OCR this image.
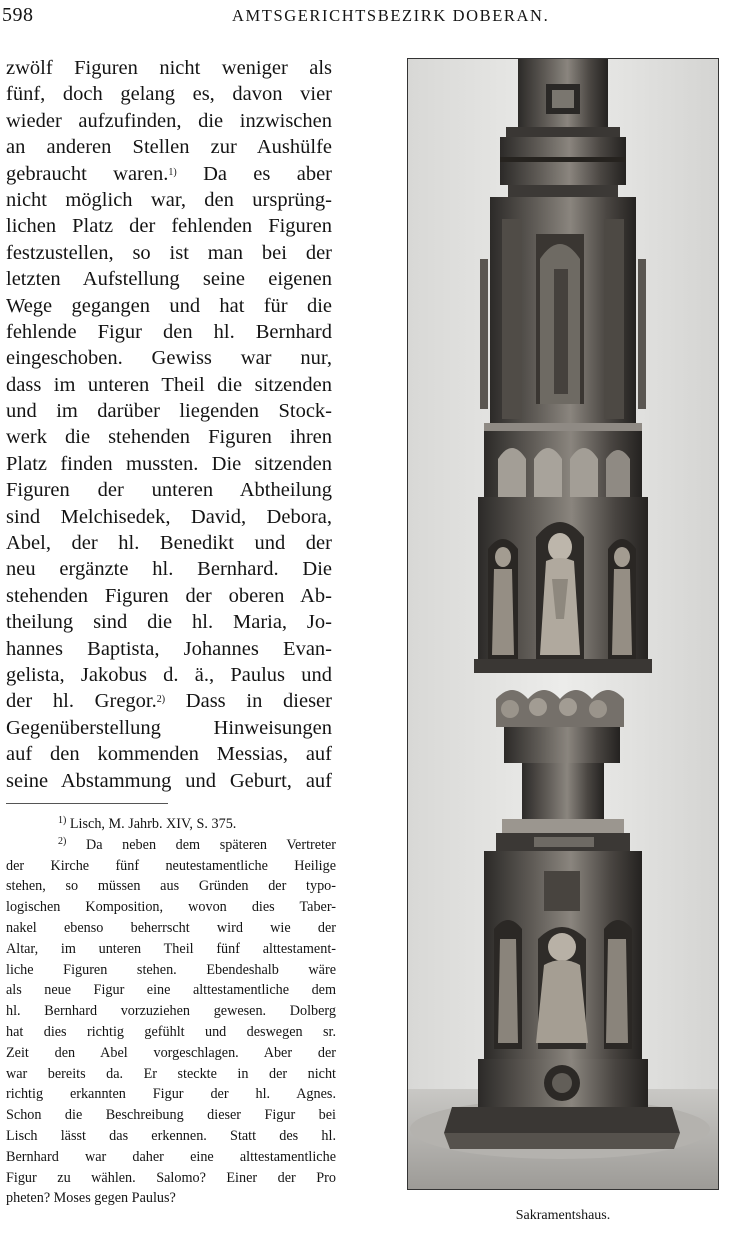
598	AMTSGERICHTSBEZIRK DOBERAN.
zwölf Figuren nicht weniger als
fünf, doch gelang es, davon vier
wieder aufzufinden, die inzwischen
an anderen Stellen zur Aushülfe
gebraucht waren.$^{1)}$ Da es aber
nicht möglich war, den ursprüng-
lichen Platz der fehlenden Figuren
festzustellen, so ist man bei der
letzten Aufstellung seine eigenen
Wege gegangen und hat für die
fehlende Figur den hl. Bernhard
eingeschoben. Gewiss war nur,
dass im unteren Theil die sitzenden
und im darüber liegenden Stock-
werk die stehenden Figuren ihren
Platz finden mussten. Die sitzenden
Figuren der unteren Abtheilung
sind Melchisedek, David, Debora,
Abel, der hl. Benedikt und der
neu ergänzte hl. Bernhard. Die
stehenden Figuren der oberen Ab-
theilung sind die hl. Maria, Jo-
hannes Baptista, Johannes Evan-
gelista, Jakobus d. ä., Paulus und
der hl. Gregor.$^{2)}$ Dass in dieser
Gegenüberstellung Hinweisungen
auf den kommenden Messias, auf
seine Abstammung und Geburt, auf
$^{1)}$ Lisch, M. Jahrb. XIV, S. 375.
$^{2)}$ Da neben dem späteren Vertreter
der Kirche fünf neutestamentliche Heilige
stehen, so müssen aus Gründen der typo-
logischen Komposition, wovon dies Taber-
nakel ebenso beherrscht wird wie der
Altar, im unteren Theil fünf alttestament-
liche Figuren stehen. Ebendeshalb wäre
als neue Figur eine alttestamentliche dem
hl. Bernhard vorzuziehen gewesen. Dolberg
hat dies richtig gefühlt und deswegen sr.
Zeit den Abel vorgeschlagen. Aber der
war bereits da. Er steckte in der nicht
richtig erkannten Figur der hl. Agnes.
Schon die Beschreibung dieser Figur bei
Lisch lässt das erkennen. Statt des hl.
Bernhard war daher eine alttestamentliche
Figur zu wählen. Salomo? Einer der Pro
pheten? Moses gegen Paulus?
Sakramentshaus.
